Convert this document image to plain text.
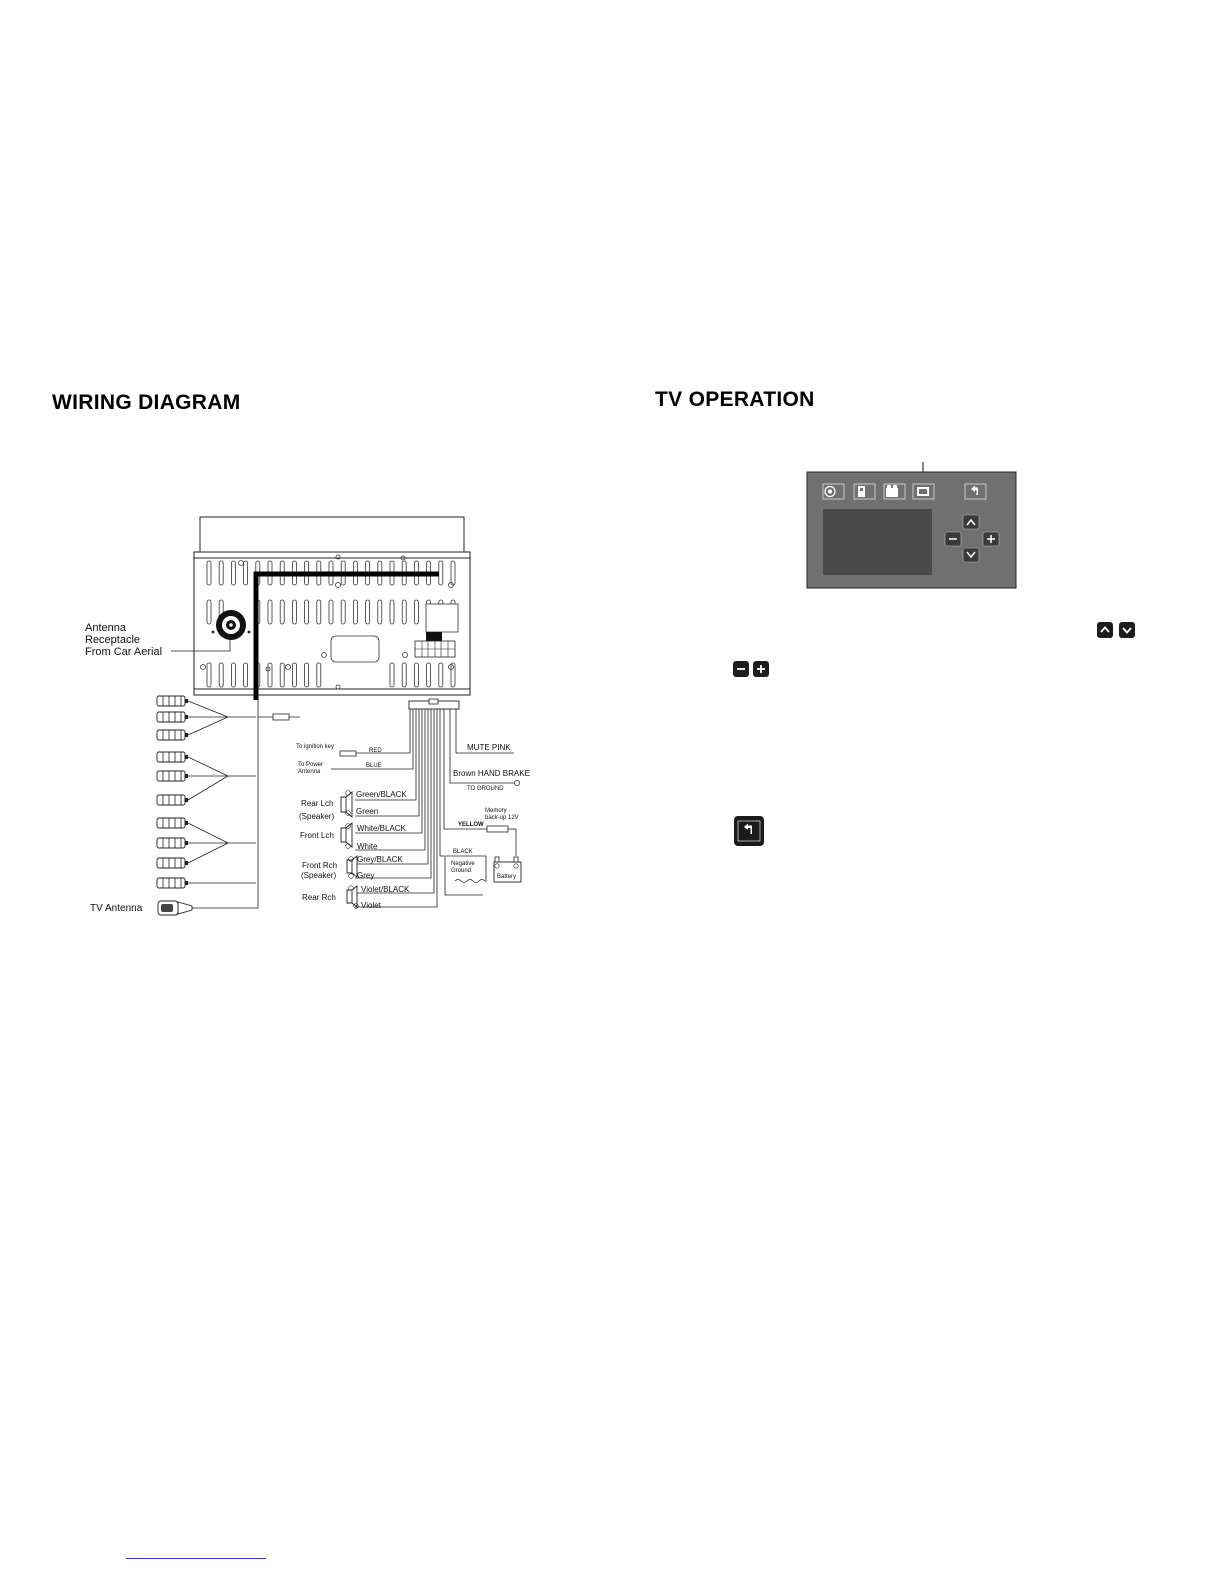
WIRING DIAGRAM	TV OPERATION
Antenna
Receptacle
From Car Aerial
TV Antenna
To ignition key
RED
To Power
Antenna
BLUE
Rear Lch
(Speaker)
Green/BLACK
Green
Front Lch
White/BLACK
White
Front Rch
(Speaker)
Grey/BLACK
Grey
Rear Rch
Violet/BLACK
Violet
MUTE PINK
Brown HAND BRAKE
TO GROUND
Memory
back-up 12V
YELLOW
BLACK
Negative
Ground
Battery
